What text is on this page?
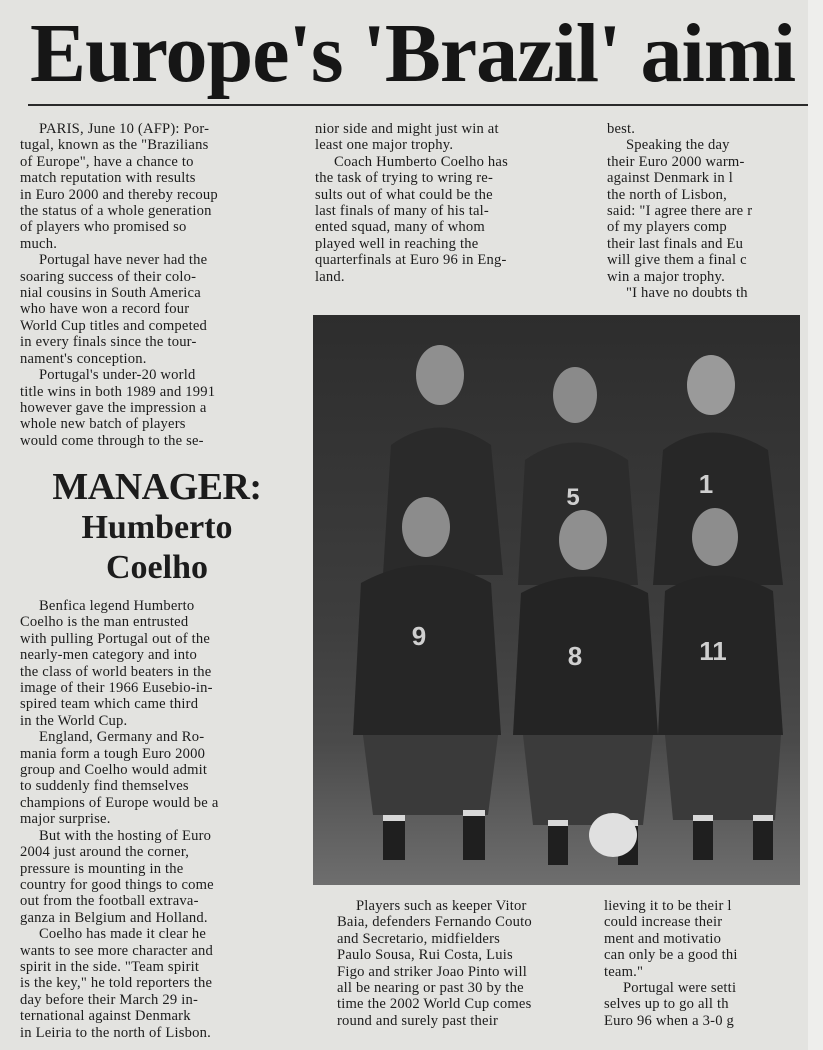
Europe's 'Brazil' aimi

PARIS, June 10 (AFP): Por-

tugal, known as the "Brazilians

of Europe", have a chance to

match reputation with results

in Euro 2000 and thereby recoup

the status of a whole generation

of players who promised so

much.

Portugal have never had the

soaring success of their colo-

nial cousins in South America

who have won a record four

World Cup titles and competed

in every finals since the tour-

nament's conception.

Portugal's under-20 world

title wins in both 1989 and 1991

however gave the impression a

whole new batch of players

would come through to the se-

MANAGER:
Humberto
Coelho

Benfica legend Humberto

Coelho is the man entrusted

with pulling Portugal out of the

nearly-men category and into

the class of world beaters in the

image of their 1966 Eusebio-in-

spired team which came third

in the World Cup.

England, Germany and Ro-

mania form a tough Euro 2000

group and Coelho would admit

to suddenly find themselves

champions of Europe would be a

major surprise.

But with the hosting of Euro

2004 just around the corner,

pressure is mounting in the

country for good things to come

out from the football extrava-

ganza in Belgium and Holland.

Coelho has made it clear he

wants to see more character and

spirit in the side. "Team spirit

is the key," he told reporters the

day before their March 29 in-

ternational against Denmark

in Leiria to the north of Lisbon.

nior side and might just win at

least one major trophy.

Coach Humberto Coelho has

the task of trying to wring re-

sults out of what could be the

last finals of many of his tal-

ented squad, many of whom

played well in reaching the

quarterfinals at Euro 96 in Eng-

land.

best.

Speaking the day

their Euro 2000 warm-

against Denmark in l

the north of Lisbon,

said: "I agree there are r

of my players comp

their last finals and Eu

will give them a final c

win a major trophy.

"I have no doubts th

5	1
9
8	11

Players such as keeper Vitor

Baia, defenders Fernando Couto

and Secretario, midfielders

Paulo Sousa, Rui Costa, Luis

Figo and striker Joao Pinto will

all be nearing or past 30 by the

time the 2002 World Cup comes

round and surely past their

lieving it to be their l

could increase their

ment and motivatio

can only be a good thi

team."

Portugal were setti

selves up to go all th

Euro 96 when a 3-0 g
